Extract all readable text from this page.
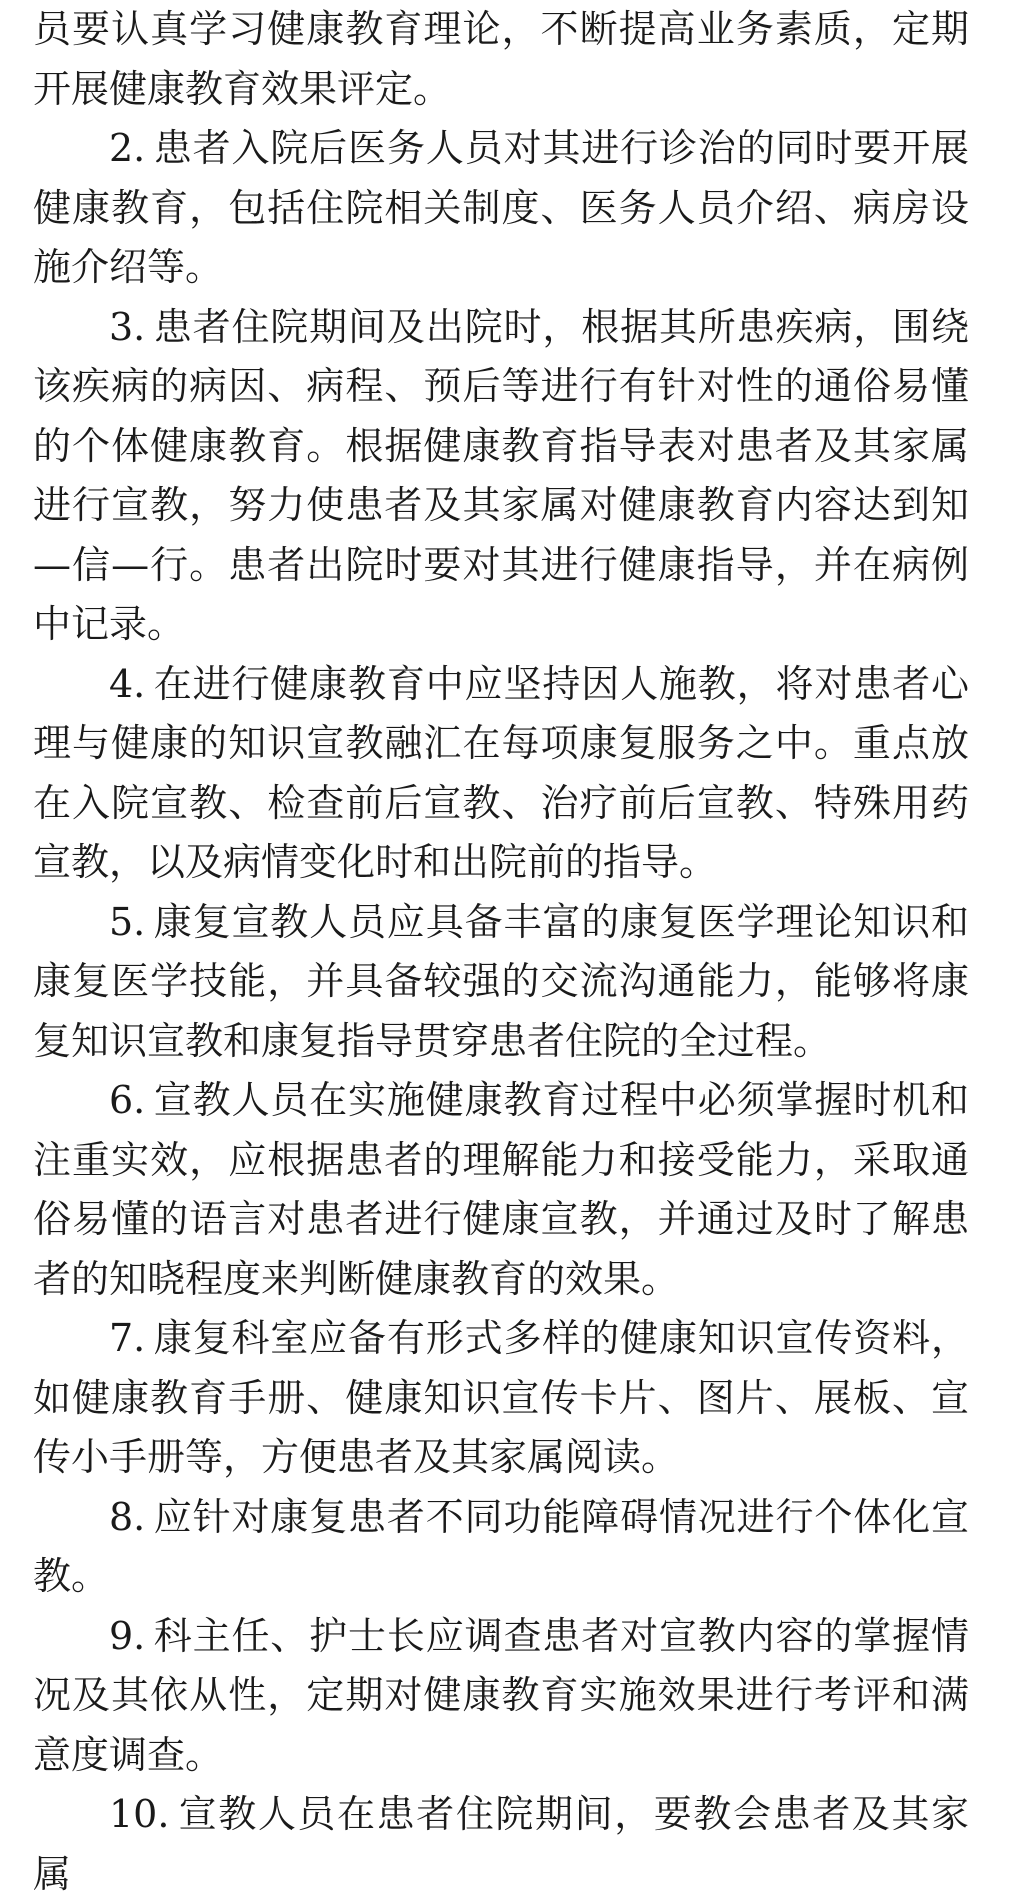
员要认真学习健康教育理论，不断提高业务素质，定期开展健康教育效果评定。

2. 患者入院后医务人员对其进行诊治的同时要开展健康教育，包括住院相关制度、医务人员介绍、病房设施介绍等。

3. 患者住院期间及出院时，根据其所患疾病，围绕该疾病的病因、病程、预后等进行有针对性的通俗易懂的个体健康教育。根据健康教育指导表对患者及其家属进行宣教，努力使患者及其家属对健康教育内容达到知—信—行。患者出院时要对其进行健康指导，并在病例中记录。

4. 在进行健康教育中应坚持因人施教，将对患者心理与健康的知识宣教融汇在每项康复服务之中。重点放在入院宣教、检查前后宣教、治疗前后宣教、特殊用药宣教，以及病情变化时和出院前的指导。

5. 康复宣教人员应具备丰富的康复医学理论知识和康复医学技能，并具备较强的交流沟通能力，能够将康复知识宣教和康复指导贯穿患者住院的全过程。

6. 宣教人员在实施健康教育过程中必须掌握时机和注重实效，应根据患者的理解能力和接受能力，采取通俗易懂的语言对患者进行健康宣教，并通过及时了解患者的知晓程度来判断健康教育的效果。

7. 康复科室应备有形式多样的健康知识宣传资料，如健康教育手册、健康知识宣传卡片、图片、展板、宣传小手册等，方便患者及其家属阅读。

8. 应针对康复患者不同功能障碍情况进行个体化宣教。

9. 科主任、护士长应调查患者对宣教内容的掌握情况及其依从性，定期对健康教育实施效果进行考评和满意度调查。

10. 宣教人员在患者住院期间，要教会患者及其家属
